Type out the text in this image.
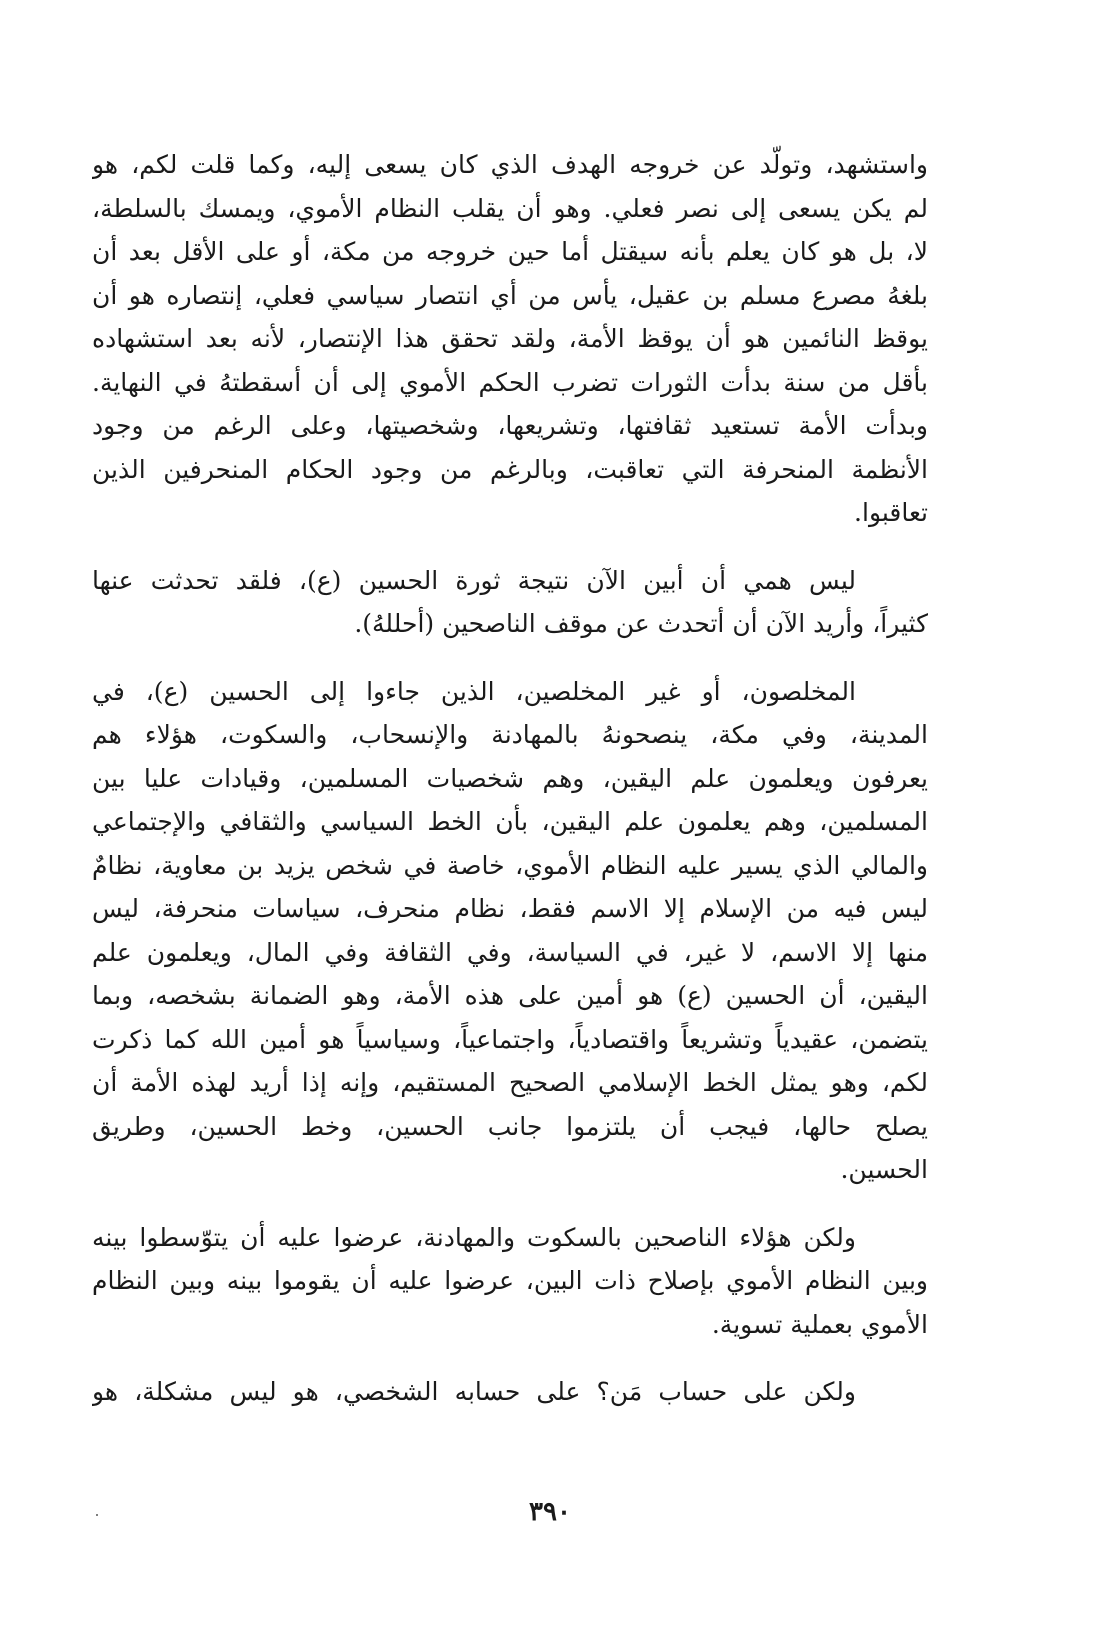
واستشهد، وتولّد عن خروجه الهدف الذي كان يسعى إليه، وكما قلت لكم، هو
لم يكن يسعى إلى نصر فعلي. وهو أن يقلب النظام الأموي، ويمسك بالسلطة،
لا، بل هو كان يعلم بأنه سيقتل أما حين خروجه من مكة، أو على الأقل بعد أن
بلغهُ مصرع مسلم بن عقيل، يأس من أي انتصار سياسي فعلي، إنتصاره هو أن
يوقظ النائمين هو أن يوقظ الأمة، ولقد تحقق هذا الإنتصار، لأنه بعد استشهاده
بأقل من سنة بدأت الثورات تضرب الحكم الأموي إلى أن أسقطتهُ في النهاية.
وبدأت الأمة تستعيد ثقافتها، وتشريعها، وشخصيتها، وعلى الرغم من وجود
الأنظمة المنحرفة التي تعاقبت، وبالرغم من وجود الحكام المنحرفين الذين
تعاقبوا.

ليس همي أن أبين الآن نتيجة ثورة الحسين (ع)، فلقد تحدثت عنها
كثيراً، وأريد الآن أن أتحدث عن موقف الناصحين (أحللهُ).

المخلصون، أو غير المخلصين، الذين جاءوا إلى الحسين (ع)، في
المدينة، وفي مكة، ينصحونهُ بالمهادنة والإنسحاب، والسكوت، هؤلاء هم
يعرفون ويعلمون علم اليقين، وهم شخصيات المسلمين، وقيادات عليا بين
المسلمين، وهم يعلمون علم اليقين، بأن الخط السياسي والثقافي والإجتماعي
والمالي الذي يسير عليه النظام الأموي، خاصة في شخص يزيد بن معاوية، نظامٌ
ليس فيه من الإسلام إلا الاسم فقط، نظام منحرف، سياسات منحرفة، ليس
منها إلا الاسم، لا غير، في السياسة، وفي الثقافة وفي المال، ويعلمون علم
اليقين، أن الحسين (ع) هو أمين على هذه الأمة، وهو الضمانة بشخصه، وبما
يتضمن، عقيدياً وتشريعاً واقتصادياً، واجتماعياً، وسياسياً هو أمين الله كما ذكرت
لكم، وهو يمثل الخط الإسلامي الصحيح المستقيم، وإنه إذا أريد لهذه الأمة أن
يصلح حالها، فيجب أن يلتزموا جانب الحسين، وخط الحسين، وطريق
الحسين.

ولكن هؤلاء الناصحين بالسكوت والمهادنة، عرضوا عليه أن يتوّسطوا بينه
وبين النظام الأموي بإصلاح ذات البين، عرضوا عليه أن يقوموا بينه وبين النظام
الأموي بعملية تسوية.

ولكن على حساب مَن؟ على حسابه الشخصي، هو ليس مشكلة، هو

٣٩٠
